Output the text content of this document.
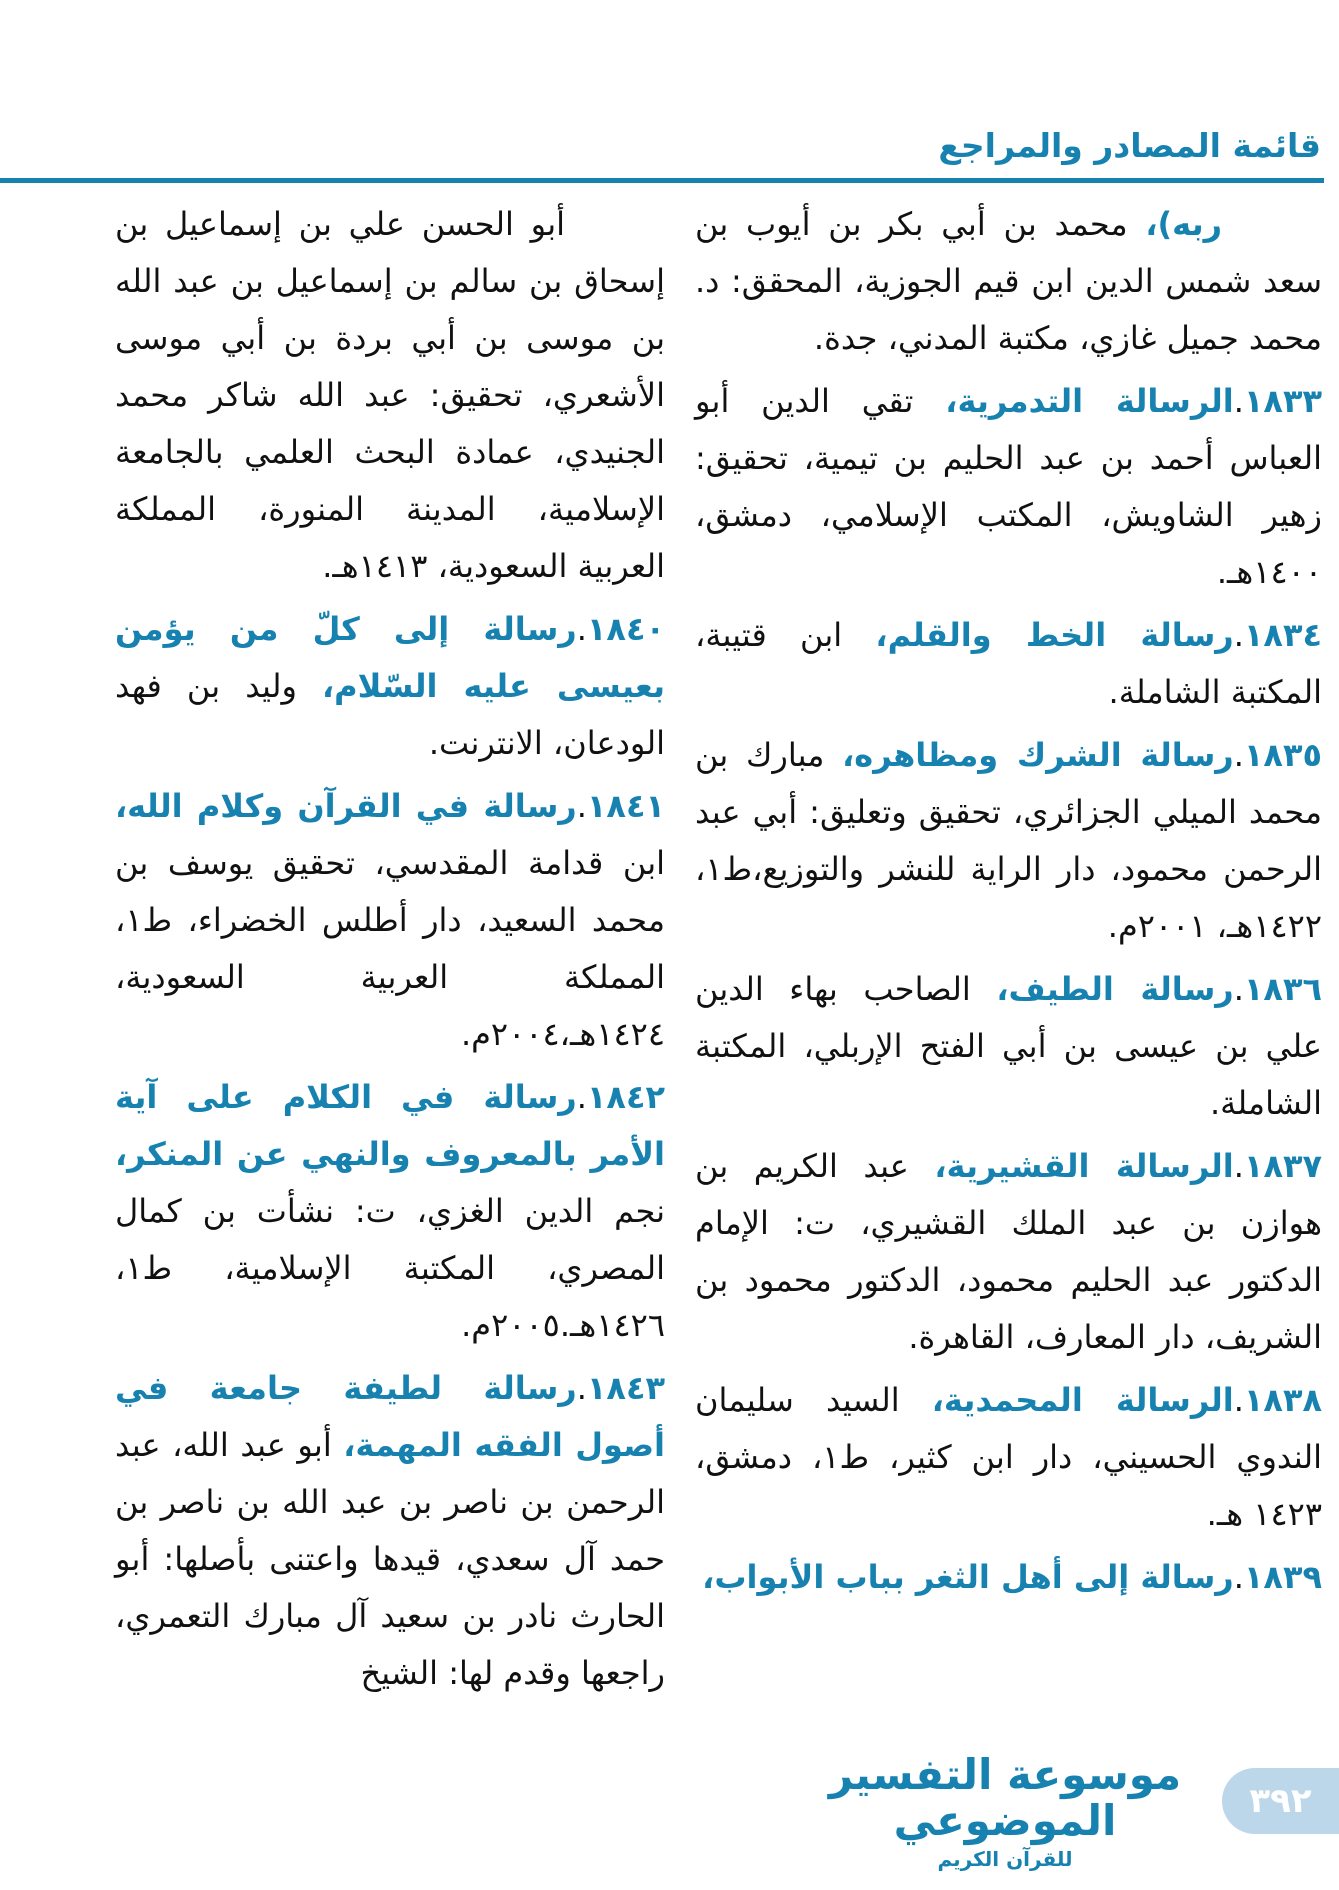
قائمة المصادر والمراجع

ربه)، محمد بن أبي بكر بن أيوب بن سعد شمس الدين ابن قيم الجوزية، المحقق: د. محمد جميل غازي، مكتبة المدني، جدة.

١٨٣٣.الرسالة التدمرية، تقي الدين أبو العباس أحمد بن عبد الحليم بن تيمية، تحقيق: زهير الشاويش، المكتب الإسلامي، دمشق، ١٤٠٠هـ.

١٨٣٤.رسالة الخط والقلم، ابن قتيبة، المكتبة الشاملة.

١٨٣٥.رسالة الشرك ومظاهره، مبارك بن محمد الميلي الجزائري، تحقيق وتعليق: أبي عبد الرحمن محمود، دار الراية للنشر والتوزيع،ط١، ١٤٢٢هـ، ٢٠٠١م.

١٨٣٦.رسالة الطيف، الصاحب بهاء الدين علي بن عيسى بن أبي الفتح الإربلي، المكتبة الشاملة.

١٨٣٧.الرسالة القشيرية، عبد الكريم بن هوازن بن عبد الملك القشيري، ت: الإمام الدكتور عبد الحليم محمود، الدكتور محمود بن الشريف، دار المعارف، القاهرة.

١٨٣٨.الرسالة المحمدية، السيد سليمان الندوي الحسيني، دار ابن كثير، ط١، دمشق، ١٤٢٣ هـ.

١٨٣٩.رسالة إلى أهل الثغر بباب الأبواب،

أبو الحسن علي بن إسماعيل بن إسحاق بن سالم بن إسماعيل بن عبد الله بن موسى بن أبي بردة بن أبي موسى الأشعري، تحقيق: عبد الله شاكر محمد الجنيدي، عمادة البحث العلمي بالجامعة الإسلامية، المدينة المنورة، المملكة العربية السعودية، ١٤١٣هـ.

١٨٤٠.رسالة إلى كلّ من يؤمن بعيسى عليه السّلام، وليد بن فهد الودعان، الانترنت.

١٨٤١.رسالة في القرآن وكلام الله، ابن قدامة المقدسي، تحقيق يوسف بن محمد السعيد، دار أطلس الخضراء، ط١، المملكة العربية السعودية، ١٤٢٤هـ،٢٠٠٤م.

١٨٤٢.رسالة في الكلام على آية الأمر بالمعروف والنهي عن المنكر، نجم الدين الغزي، ت: نشأت بن كمال المصري، المكتبة الإسلامية، ط١، ١٤٢٦هـ.٢٠٠٥م.

١٨٤٣.رسالة لطيفة جامعة في أصول الفقه المهمة، أبو عبد الله، عبد الرحمن بن ناصر بن عبد الله بن ناصر بن حمد آل سعدي، قيدها واعتنى بأصلها: أبو الحارث نادر بن سعيد آل مبارك التعمري، راجعها وقدم لها: الشيخ

موسوعة التفسير الموضوعي
للقرآن الكريم
٣٩٢
